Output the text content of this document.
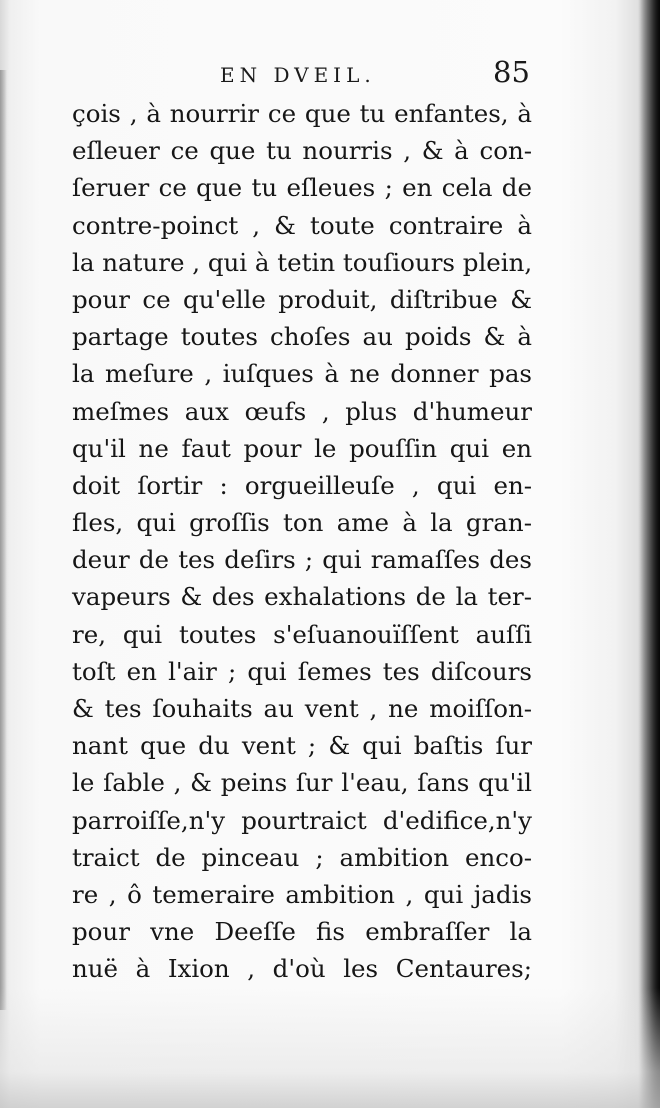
EN DVEIL.	85
çois , à nourrir ce que tu enfantes, à
eſleuer ce que tu nourris , & à con-
ſeruer ce que tu eſleues ; en cela de
contre-poinct , & toute contraire à
la nature , qui à tetin touſiours plein,
pour ce qu'elle produit, diſtribue &
partage toutes choſes au poids & à
la meſure , iuſques à ne donner pas
meſmes aux œufs , plus d'humeur
qu'il ne faut pour le pouſſin qui en
doit ſortir : orgueilleuſe , qui en-
fles, qui groſſis ton ame à la gran-
deur de tes deſirs ; qui ramaſſes des
vapeurs & des exhalations de la ter-
re, qui toutes s'eſuanouïſſent auſſi
toſt en l'air ; qui ſemes tes diſcours
& tes ſouhaits au vent , ne moiſſon-
nant que du vent ; & qui baſtis ſur
le ſable , & peins ſur l'eau, ſans qu'il
parroiſſe,n'y pourtraict d'edifice,n'y
traict de pinceau ; ambition enco-
re , ô temeraire ambition , qui jadis
pour vne Deeſſe fis embraſſer la
nuë à Ixion , d'où les Centaures;
